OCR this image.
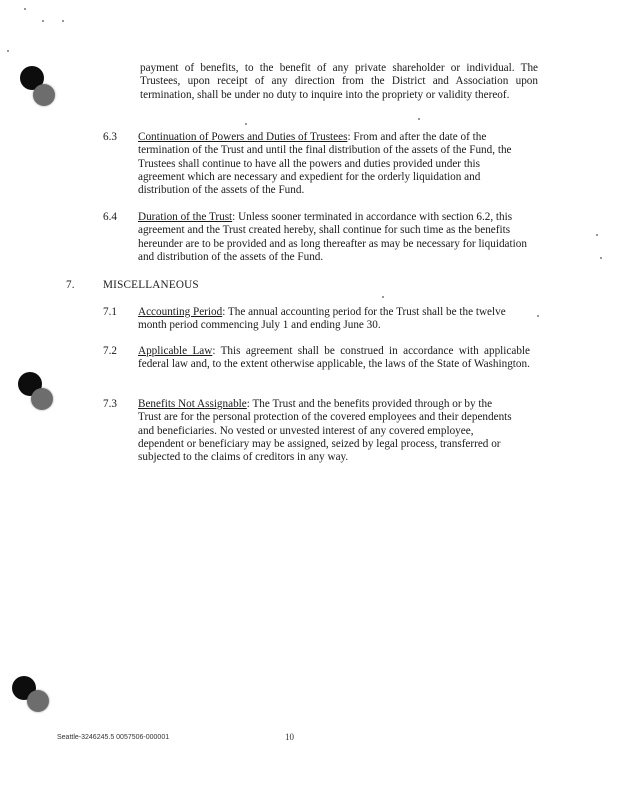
payment of benefits, to the benefit of any private shareholder or individual. The Trustees, upon receipt of any direction from the District and Association upon termination, shall be under no duty to inquire into the propriety or validity thereof.
6.3 Continuation of Powers and Duties of Trustees: From and after the date of the termination of the Trust and until the final distribution of the assets of the Fund, the Trustees shall continue to have all the powers and duties provided under this agreement which are necessary and expedient for the orderly liquidation and distribution of the assets of the Fund.
6.4 Duration of the Trust: Unless sooner terminated in accordance with section 6.2, this agreement and the Trust created hereby, shall continue for such time as the benefits hereunder are to be provided and as long thereafter as may be necessary for liquidation and distribution of the assets of the Fund.
7.	MISCELLANEOUS
7.1 Accounting Period: The annual accounting period for the Trust shall be the twelve month period commencing July 1 and ending June 30.
7.2 Applicable Law: This agreement shall be construed in accordance with applicable federal law and, to the extent otherwise applicable, the laws of the State of Washington.
7.3 Benefits Not Assignable: The Trust and the benefits provided through or by the Trust are for the personal protection of the covered employees and their dependents and beneficiaries. No vested or unvested interest of any covered employee, dependent or beneficiary may be assigned, seized by legal process, transferred or subjected to the claims of creditors in any way.
Seattle-3246245.5 0057506-000001	10
